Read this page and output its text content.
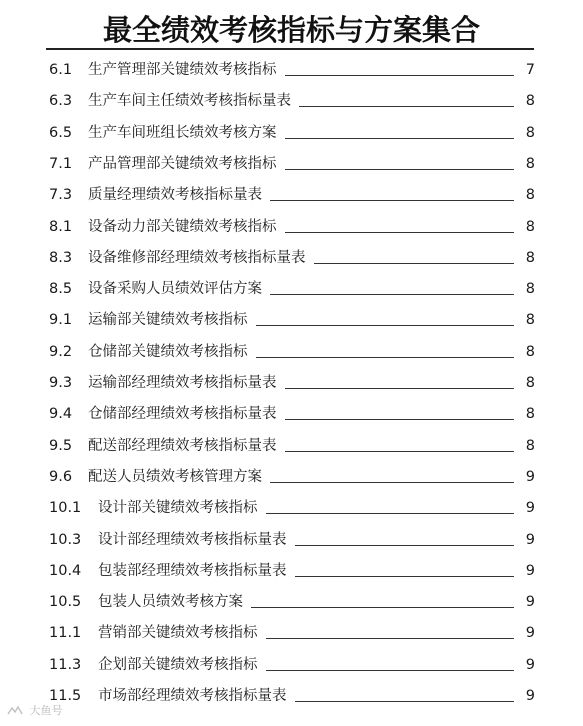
最全绩效考核指标与方案集合
6.1 生产管理部关键绩效考核指标	7
6.3 生产车间主任绩效考核指标量表	8
6.5 生产车间班组长绩效考核方案	8
7.1 产品管理部关键绩效考核指标	8
7.3 质量经理绩效考核指标量表	8
8.1 设备动力部关键绩效考核指标	8
8.3 设备维修部经理绩效考核指标量表	8
8.5 设备采购人员绩效评估方案	8
9.1 运输部关键绩效考核指标	8
9.2 仓储部关键绩效考核指标	8
9.3 运输部经理绩效考核指标量表	8
9.4 仓储部经理绩效考核指标量表	8
9.5 配送部经理绩效考核指标量表	8
9.6 配送人员绩效考核管理方案	9
10.1 设计部关键绩效考核指标	9
10.3 设计部经理绩效考核指标量表	9
10.4 包装部经理绩效考核指标量表	9
10.5 包装人员绩效考核方案	9
11.1 营销部关键绩效考核指标	9
11.3 企划部关键绩效考核指标	9
11.5 市场部经理绩效考核指标量表	9
大鱼号
